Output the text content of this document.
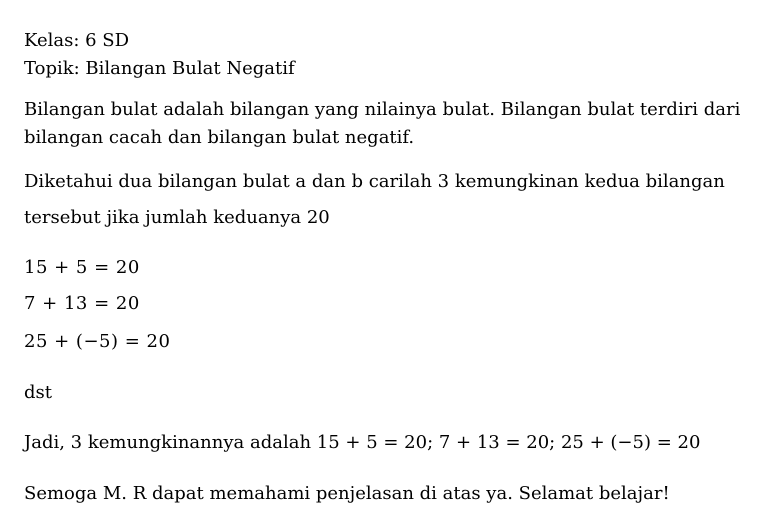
Kelas: 6 SD
Topik: Bilangan Bulat Negatif
Bilangan bulat adalah bilangan yang nilainya bulat. Bilangan bulat terdiri dari
bilangan cacah dan bilangan bulat negatif.
Diketahui dua bilangan bulat a dan b carilah 3 kemungkinan kedua bilangan
tersebut jika jumlah keduanya 20
15 + 5 = 20
7 + 13 = 20
25 + (−5) = 20
dst
Jadi, 3 kemungkinannya adalah 15 + 5 = 20; 7 + 13 = 20; 25 + (−5) = 20
Semoga M. R dapat memahami penjelasan di atas ya. Selamat belajar!
